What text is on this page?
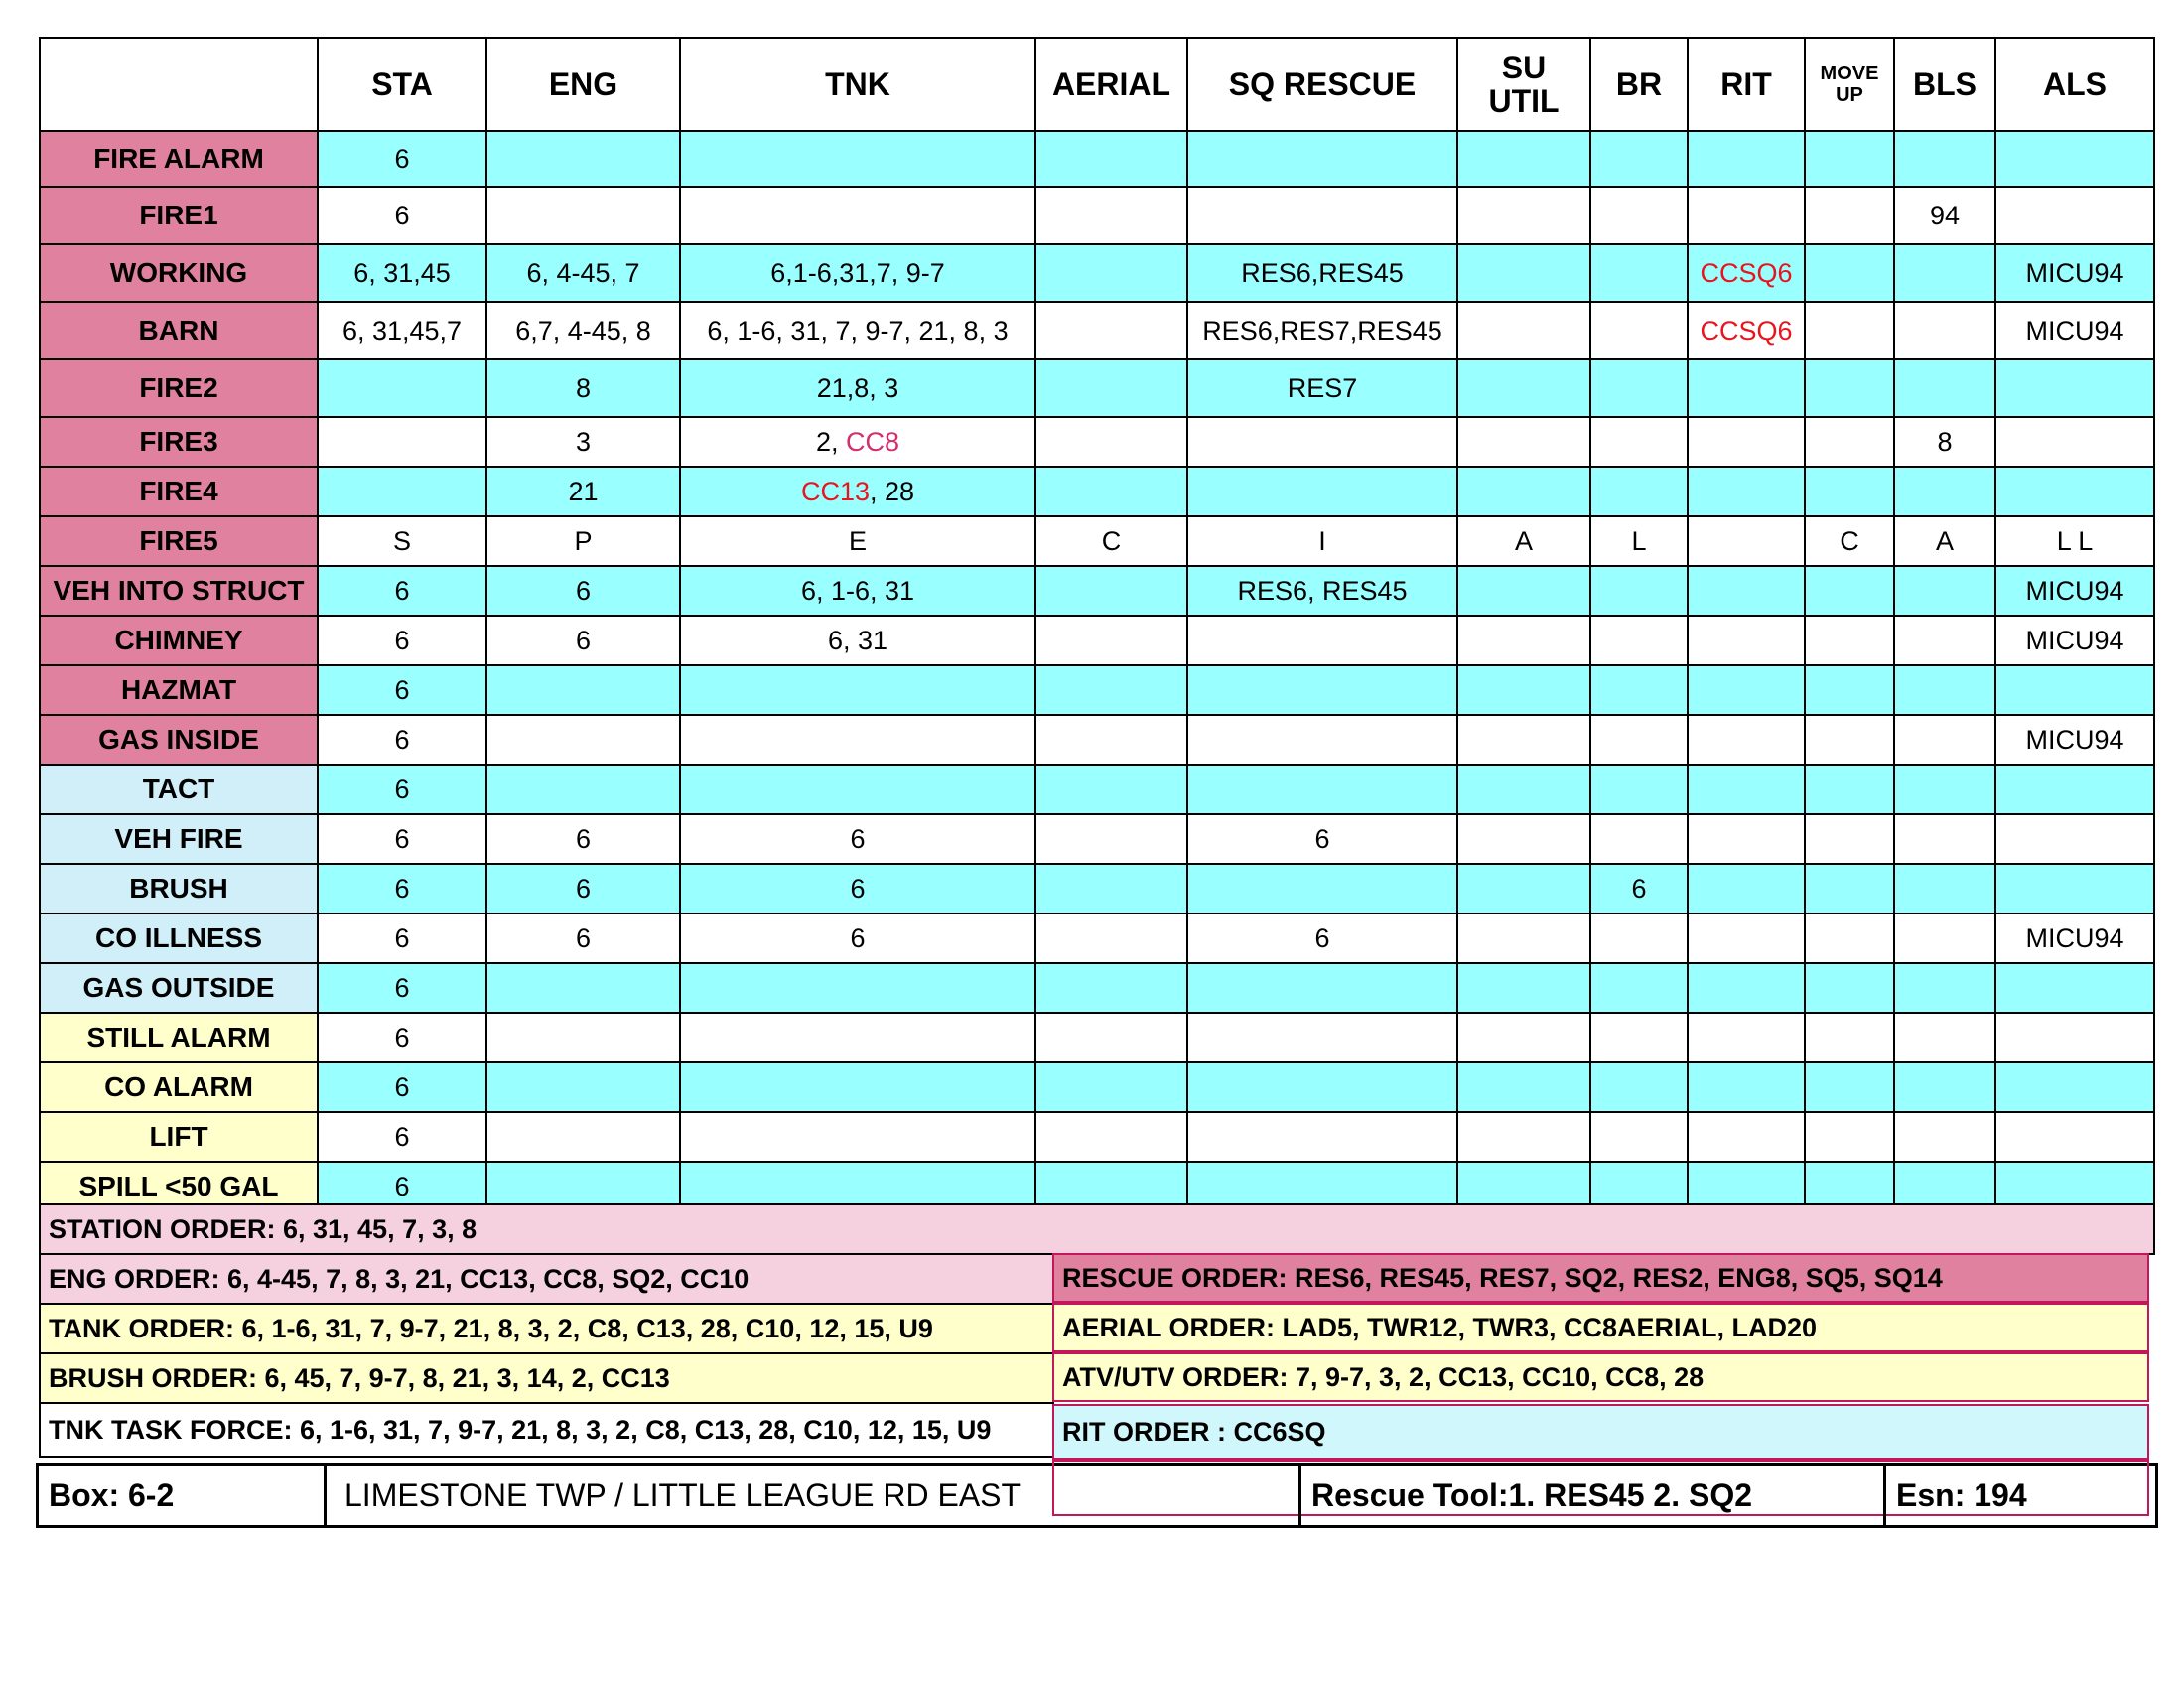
	STA	ENG	TNK	AERIAL	SQ RESCUE	SU UTIL	BR	RIT	MOVE UP	BLS	ALS
FIRE ALARM	6										
FIRE1	6									94	
WORKING	6, 31,45	6, 4-45, 7	6,1-6,31,7, 9-7		RES6,RES45			CCSQ6			MICU94
BARN	6, 31,45,7	6,7, 4-45, 8	6, 1-6, 31, 7, 9-7, 21, 8, 3		RES6,RES7,RES45			CCSQ6			MICU94
FIRE2		8	21,8, 3		RES7						
FIRE3		3	2, CC8							8	
FIRE4		21	CC13, 28								
FIRE5	S	P	E	C	I	A	L		C	A	L L
VEH INTO STRUCT	6	6	6, 1-6, 31		RES6, RES45						MICU94
CHIMNEY	6	6	6, 31								MICU94
HAZMAT	6										
GAS INSIDE	6										MICU94
TACT	6										
VEH FIRE	6	6	6		6						
BRUSH	6	6	6				6				
CO ILLNESS	6	6	6		6						MICU94
GAS OUTSIDE	6										
STILL ALARM	6										
CO ALARM	6										
LIFT	6										
SPILL <50 GAL	6										
STATION ORDER: 6, 31, 45, 7, 3, 8
ENG ORDER: 6, 4-45, 7, 8, 3, 21, CC13, CC8, SQ2, CC10
TANK ORDER: 6, 1-6, 31, 7, 9-7, 21, 8, 3, 2, C8, C13, 28, C10, 12, 15, U9
BRUSH ORDER: 6, 45, 7, 9-7, 8, 21, 3, 14, 2, CC13
TNK TASK FORCE: 6, 1-6, 31, 7, 9-7, 21, 8, 3, 2, C8, C13, 28, C10, 12, 15, U9
RESCUE ORDER: RES6, RES45, RES7, SQ2, RES2, ENG8, SQ5, SQ14
AERIAL ORDER: LAD5, TWR12, TWR3, CC8AERIAL, LAD20
ATV/UTV ORDER: 7, 9-7, 3, 2, CC13, CC10, CC8, 28
RIT ORDER : CC6SQ
Box: 6-2	LIMESTONE TWP / LITTLE LEAGUE RD EAST	Rescue Tool:1. RES45 2. SQ2	Esn: 194
